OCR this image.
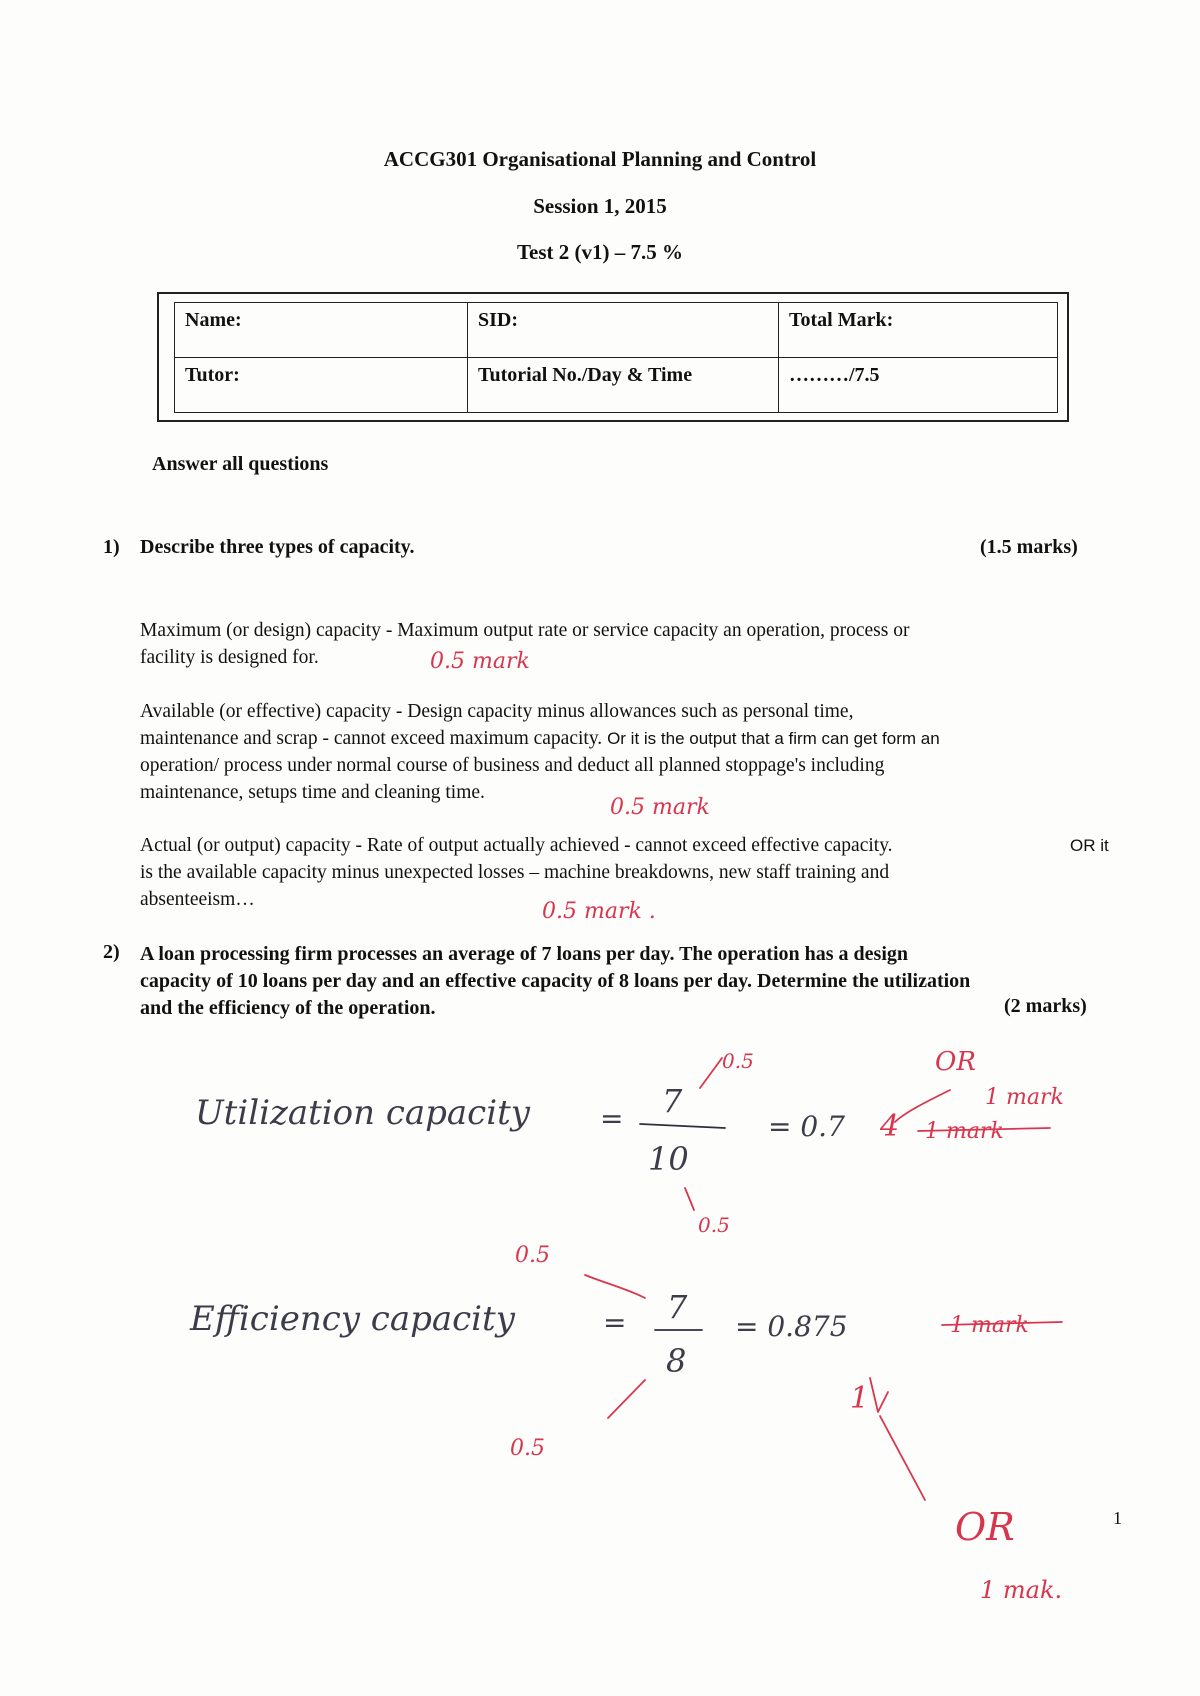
ACCG301 Organisational Planning and Control
Session 1, 2015
Test 2 (v1) – 7.5 %
Name:	SID:	Total Mark:
Tutor:	Tutorial No./Day & Time	………/7.5
Answer all questions
1) Describe three types of capacity.	(1.5 marks)
Maximum (or design) capacity - Maximum output rate or service capacity an operation, process or
facility is designed for.
Available (or effective) capacity - Design capacity minus allowances such as personal time,
maintenance and scrap - cannot exceed maximum capacity. Or it is the output that a firm can get form an
operation/ process under normal course of business and deduct all planned stoppage's including
maintenance, setups time and cleaning time.
Actual (or output) capacity - Rate of output actually achieved - cannot exceed effective capacity.
is the available capacity minus unexpected losses – machine breakdowns, new staff training and
absenteeism…
OR it
2) A loan processing firm processes an average of 7 loans per day. The operation has a design
capacity of 10 loans per day and an effective capacity of 8 loans per day. Determine the utilization
and the efficiency of the operation.	(2 marks)
0.5 mark
0.5 mark
0.5 mark .
Utilization capacity	= 7
10
= 0.7 4
0.5	OR
1 mark
1 mark
0.5
0.5
Efficiency capacity	= 7
8
= 0.875	1 mark
1
0.5
OR
1 mak.
1
